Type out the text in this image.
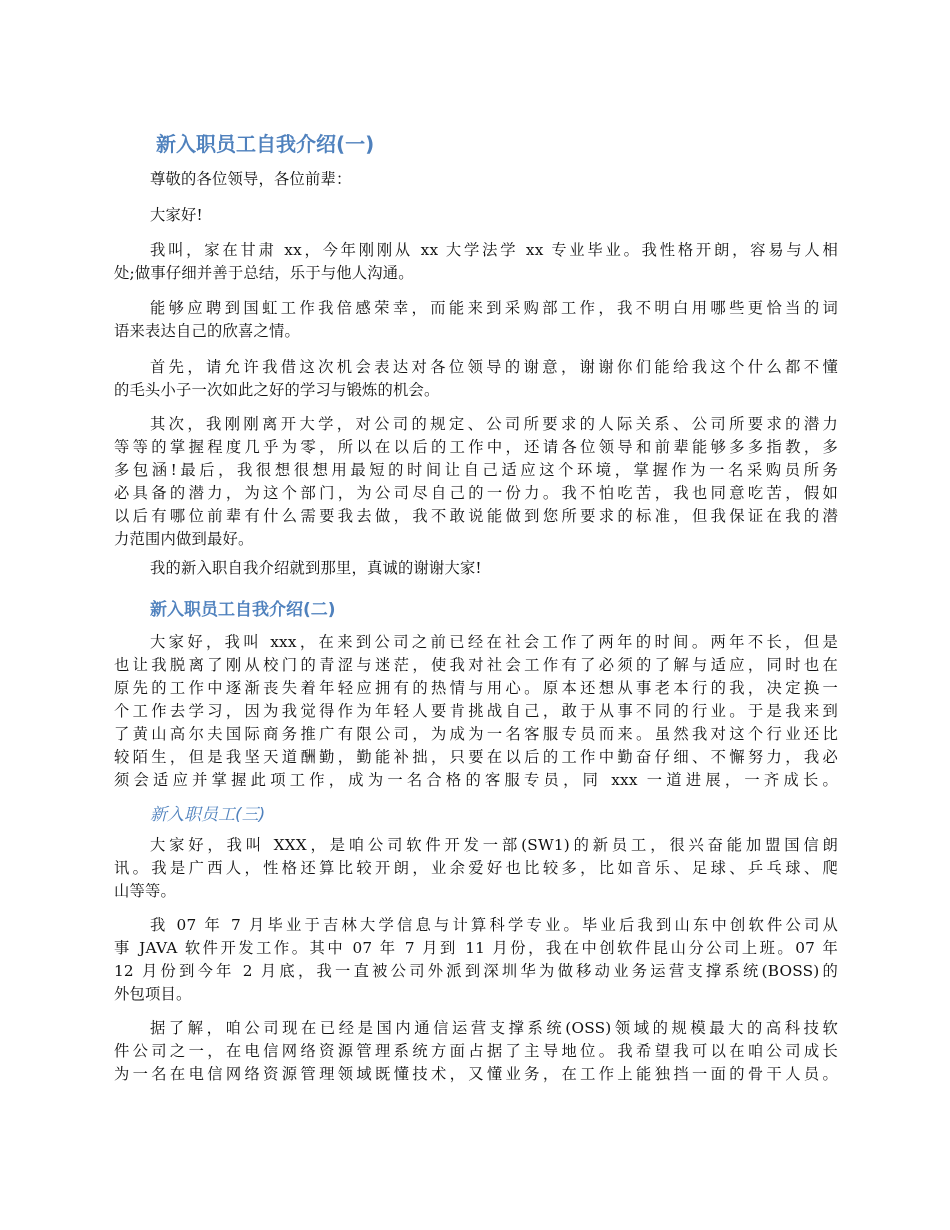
新入职员工自我介绍(一)
尊敬的各位领导，各位前辈：
大家好!
我叫，家在甘肃 xx，今年刚刚从 xx 大学法学 xx 专业毕业。我性格开朗，容易与人相
处;做事仔细并善于总结，乐于与他人沟通。
能够应聘到国虹工作我倍感荣幸，而能来到采购部工作，我不明白用哪些更恰当的词
语来表达自己的欣喜之情。
首先，请允许我借这次机会表达对各位领导的谢意，谢谢你们能给我这个什么都不懂
的毛头小子一次如此之好的学习与锻炼的机会。
其次，我刚刚离开大学，对公司的规定、公司所要求的人际关系、公司所要求的潜力
等等的掌握程度几乎为零，所以在以后的工作中，还请各位领导和前辈能够多多指教，多
多包涵!最后，我很想很想用最短的时间让自己适应这个环境，掌握作为一名采购员所务
必具备的潜力，为这个部门，为公司尽自己的一份力。我不怕吃苦，我也同意吃苦，假如
以后有哪位前辈有什么需要我去做，我不敢说能做到您所要求的标准，但我保证在我的潜
力范围内做到最好。
我的新入职自我介绍就到那里，真诚的谢谢大家!
新入职员工自我介绍(二)
大家好，我叫 xxx，在来到公司之前已经在社会工作了两年的时间。两年不长，但是
也让我脱离了刚从校门的青涩与迷茫，使我对社会工作有了必须的了解与适应，同时也在
原先的工作中逐渐丧失着年轻应拥有的热情与用心。原本还想从事老本行的我，决定换一
个工作去学习，因为我觉得作为年轻人要肯挑战自己，敢于从事不同的行业。于是我来到
了黄山高尔夫国际商务推广有限公司，为成为一名客服专员而来。虽然我对这个行业还比
较陌生，但是我坚天道酬勤，勤能补拙，只要在以后的工作中勤奋仔细、不懈努力，我必
须会适应并掌握此项工作，成为一名合格的客服专员，同 xxx 一道进展，一齐成长。
新入职员工(三)
大家好，我叫 XXX，是咱公司软件开发一部(SW1)的新员工，很兴奋能加盟国信朗
讯。我是广西人，性格还算比较开朗，业余爱好也比较多，比如音乐、足球、乒乓球、爬
山等等。
我 07 年 7 月毕业于吉林大学信息与计算科学专业。毕业后我到山东中创软件公司从
事 JAVA 软件开发工作。其中 07 年 7 月到 11 月份，我在中创软件昆山分公司上班。07 年
12 月份到今年 2 月底，我一直被公司外派到深圳华为做移动业务运营支撑系统(BOSS)的
外包项目。
据了解，咱公司现在已经是国内通信运营支撑系统(OSS)领域的规模最大的高科技软
件公司之一，在电信网络资源管理系统方面占据了主导地位。我希望我可以在咱公司成长
为一名在电信网络资源管理领域既懂技术，又懂业务，在工作上能独挡一面的骨干人员。
